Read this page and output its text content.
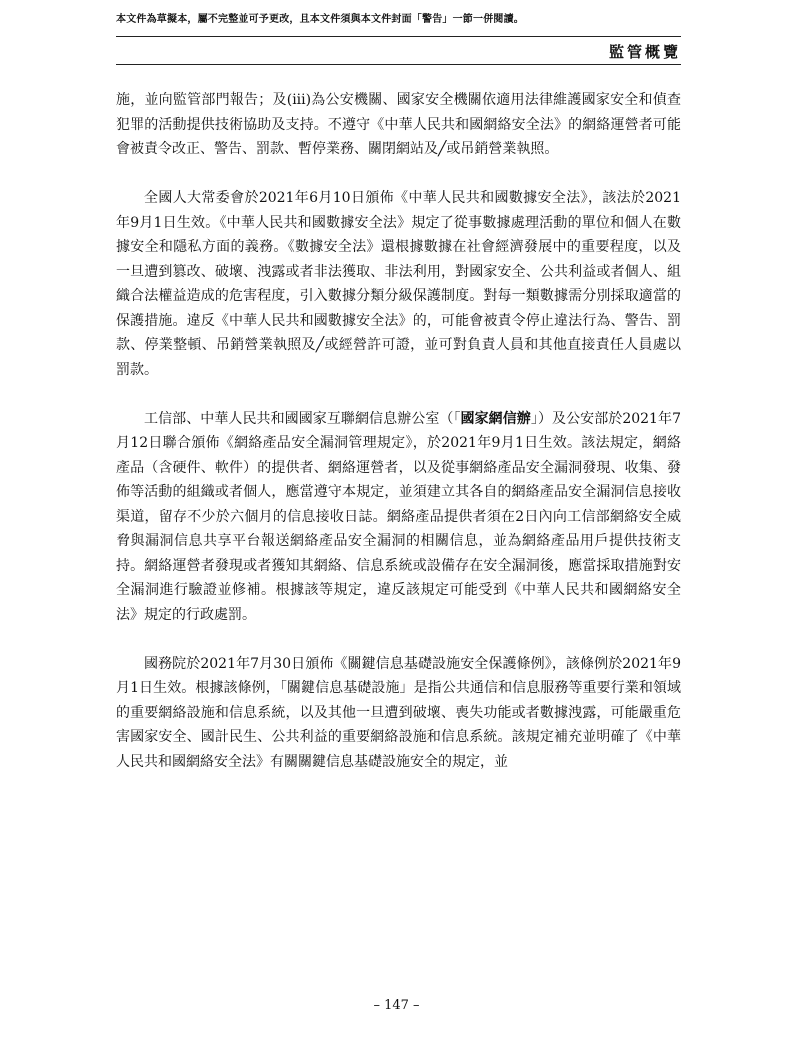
本文件為草擬本，屬不完整並可予更改，且本文件須與本文件封面「警告」一節一併閱讀。
監管概覽

施，並向監管部門報告；及(iii)為公安機關、國家安全機關依適用法律維護國家安全和偵查犯罪的活動提供技術協助及支持。不遵守《中華人民共和國網絡安全法》的網絡運營者可能會被責令改正、警告、罰款、暫停業務、關閉網站及╱或吊銷營業執照。

全國人大常委會於2021年6月10日頒佈《中華人民共和國數據安全法》，該法於2021年9月1日生效。《中華人民共和國數據安全法》規定了從事數據處理活動的單位和個人在數據安全和隱私方面的義務。《數據安全法》還根據數據在社會經濟發展中的重要程度，以及一旦遭到篡改、破壞、洩露或者非法獲取、非法利用，對國家安全、公共利益或者個人、組織合法權益造成的危害程度，引入數據分類分級保護制度。對每一類數據需分別採取適當的保護措施。違反《中華人民共和國數據安全法》的，可能會被責令停止違法行為、警告、罰款、停業整頓、吊銷營業執照及╱或經營許可證，並可對負責人員和其他直接責任人員處以罰款。

工信部、中華人民共和國國家互聯網信息辦公室（「國家網信辦」）及公安部於2021年7月12日聯合頒佈《網絡產品安全漏洞管理規定》，於2021年9月1日生效。該法規定，網絡產品（含硬件、軟件）的提供者、網絡運營者，以及從事網絡產品安全漏洞發現、收集、發佈等活動的組織或者個人，應當遵守本規定，並須建立其各自的網絡產品安全漏洞信息接收渠道，留存不少於六個月的信息接收日誌。網絡產品提供者須在2日內向工信部網絡安全威脅與漏洞信息共享平台報送網絡產品安全漏洞的相關信息，並為網絡產品用戶提供技術支持。網絡運營者發現或者獲知其網絡、信息系統或設備存在安全漏洞後，應當採取措施對安全漏洞進行驗證並修補。根據該等規定，違反該規定可能受到《中華人民共和國網絡安全法》規定的行政處罰。

國務院於2021年7月30日頒佈《關鍵信息基礎設施安全保護條例》，該條例於2021年9月1日生效。根據該條例，「關鍵信息基礎設施」是指公共通信和信息服務等重要行業和領域的重要網絡設施和信息系統，以及其他一旦遭到破壞、喪失功能或者數據洩露，可能嚴重危害國家安全、國計民生、公共利益的重要網絡設施和信息系統。該規定補充並明確了《中華人民共和國網絡安全法》有關關鍵信息基礎設施安全的規定，並

– 147 –
